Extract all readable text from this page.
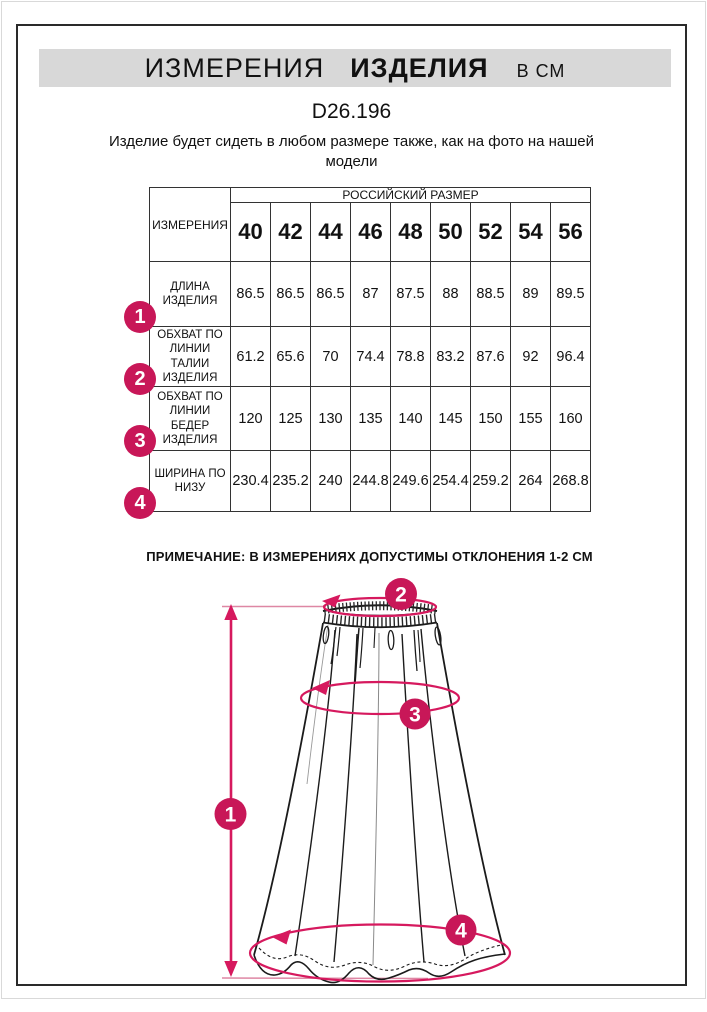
ИЗМЕРЕНИЯ ИЗДЕЛИЯ В СМ
D26.196
Изделие будет сидеть в любом размере также, как на фото на нашей модели
ИЗМЕРЕНИЯ	РОССИЙСКИЙ РАЗМЕР								
	40	42	44	46	48	50	52	54	56
ДЛИНА ИЗДЕЛИЯ	86.5	86.5	86.5	87	87.5	88	88.5	89	89.5
ОБХВАТ ПО ЛИНИИ ТАЛИИ ИЗДЕЛИЯ	61.2	65.6	70	74.4	78.8	83.2	87.6	92	96.4
ОБХВАТ ПО ЛИНИИ БЕДЕР ИЗДЕЛИЯ	120	125	130	135	140	145	150	155	160
ШИРИНА ПО НИЗУ	230.4	235.2	240	244.8	249.6	254.4	259.2	264	268.8
1
2
3
4
ПРИМЕЧАНИЕ: В ИЗМЕРЕНИЯХ ДОПУСТИМЫ ОТКЛОНЕНИЯ 1-2 СМ
1
2
3
4
